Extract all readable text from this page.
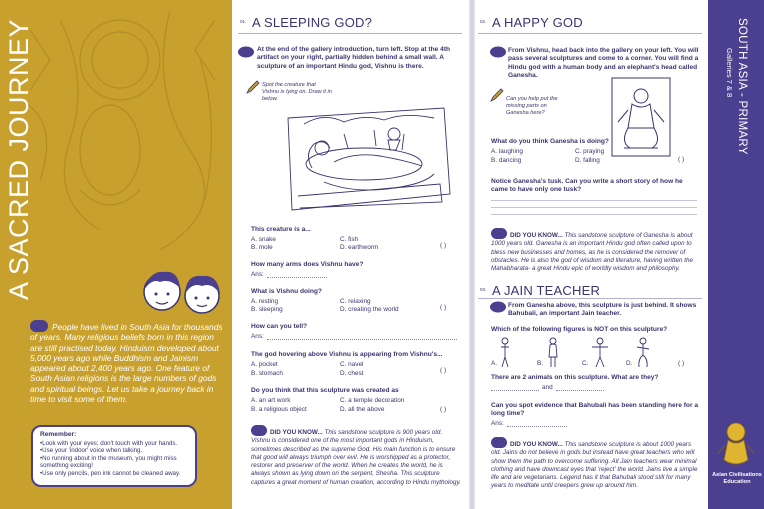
A SACRED JOURNEY
People have lived in South Asia for thousands of years. Many religious beliefs born in this region are still practised today. Hinduism developed about 5,000 years ago while Buddhism and Jainism appeared about 2,400 years ago. One feature of South Asian religions is the large numbers of gods and spiritual beings. Let us take a journey back in time to visit some of them.
Remember:
• Look with your eyes; don't touch with your hands.
• Use your 'indoor' voice when talking.
• No running about in the museum, you might miss something exciting!
• Use only pencils, pen ink cannot be cleaned away.
01. A SLEEPING GOD?
At the end of the gallery introduction, turn left. Stop at the 4th artifact on your right, partially hidden behind a small wall. A sculpture of an important Hindu god, Vishnu is there.
Spot the creature that Vishnu is lying on. Draw it in below.
This creature is a...
A. snake	C. fish
B. mole	D. earthworm	( )
How many arms does Vishnu have?
Ans:
What is Vishnu doing?
A. resting	C. relaxing
B. sleeping	D. creating the world	( )
How can you tell?
Ans:
The god hovering above Vishnu is appearing from Vishnu's...
A. pocket	C. navel
B. stomach	D. chest	( )
Do you think that this sculpture was created as
A. an art work	C. a temple decoration
B. a religious object	D. all the above	( )
DID YOU KNOW... This sandstone sculpture is 900 years old. Vishnu is considered one of the most important gods in Hinduism, sometimes described as the supreme God. His main function is to ensure that good will always triumph over evil. He is worshipped as a protector, restorer and preserver of the world. When he creates the world, he is always shown as lying down on the serpent, Shesha. This sculpture captures a great moment of human creation, according to Hindu mythology.
02. A HAPPY GOD
From Vishnu, head back into the gallery on your left. You will pass several sculptures and come to a corner. You will find a Hindu god with a human body and an elephant's head called Ganesha.
Can you help put the missing parts on Ganesha here?
What do you think Ganesha is doing?
A. laughing	C. praying
B. dancing	D. falling	( )
Notice Ganesha's tusk. Can you write a short story of how he came to have only one tusk?
DID YOU KNOW... This sandstone sculpture of Ganesha is about 1000 years old. Ganesha is an important Hindu god often called upon to bless new businesses and homes, as he is considered the remover of obstacles. He is also the god of wisdom and literature, having written the Mahabharata- a great Hindu epic of worldly wisdom and philosophy.
03. A JAIN TEACHER
From Ganesha above, this sculpture is just behind. It shows Bahubali, an important Jain teacher.
Which of the following figures is NOT on this sculpture?
A.	B.	C.	D.	( )
There are 2 animals on this sculpture. What are they?
and
Can you spot evidence that Bahubali has been standing here for a long time?
Ans:
DID YOU KNOW... This sandstone sculpture is about 1000 years old. Jains do not believe in gods but instead have great teachers who will show them the path to overcome suffering. All Jain teachers wear minimal clothing and have downcast eyes that 'reject' the world. Jains live a simple life and are vegetarians. Legend has it that Bahubali stood still for many years to meditate until creepers grew up around him.
SOUTH ASIA - PRIMARY
Galleries 7 & 8
Asian Civilisations Education
